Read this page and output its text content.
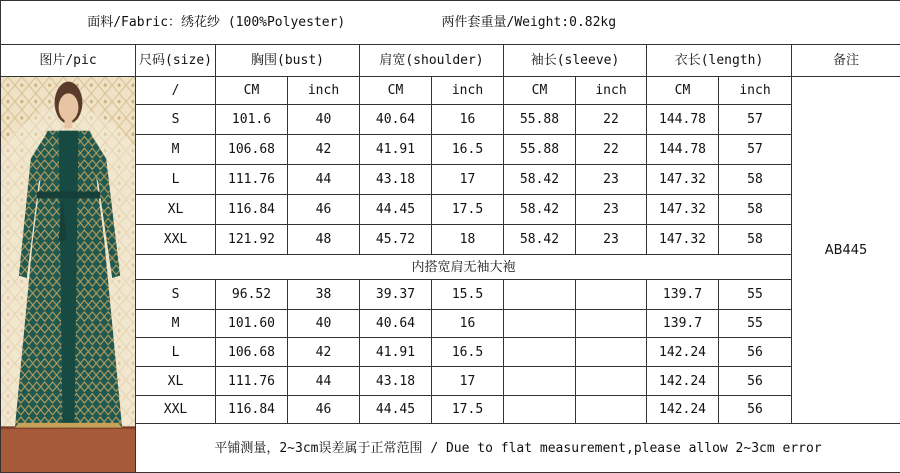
面料/Fabric：绣花纱 (100%Polyester)					两件套重量/Weight:0.82kg					
图片/pic	尺码(size)	胸围(bust)		肩宽(shoulder)		袖长(sleeve)		衣长(length)		备注

	/	CM	inch	CM	inch	CM	inch	CM	inch	AB445
	S	101.6	40	40.64	16	55.88	22	144.78	57	
	M	106.68	42	41.91	16.5	55.88	22	144.78	57	
	L	111.76	44	43.18	17	58.42	23	147.32	58	
	XL	116.84	46	44.45	17.5	58.42	23	147.32	58	
	XXL	121.92	48	45.72	18	58.42	23	147.32	58	
	内搭宽肩无袖大袍									
	S	96.52	38	39.37	15.5			139.7	55	
	M	101.60	40	40.64	16			139.7	55	
	L	106.68	42	41.91	16.5			142.24	56	
	XL	111.76	44	43.18	17			142.24	56	
	XXL	116.84	46	44.45	17.5			142.24	56	
	平铺测量，2~3cm误差属于正常范围 / Due to flat measurement,please allow 2~3cm error									
